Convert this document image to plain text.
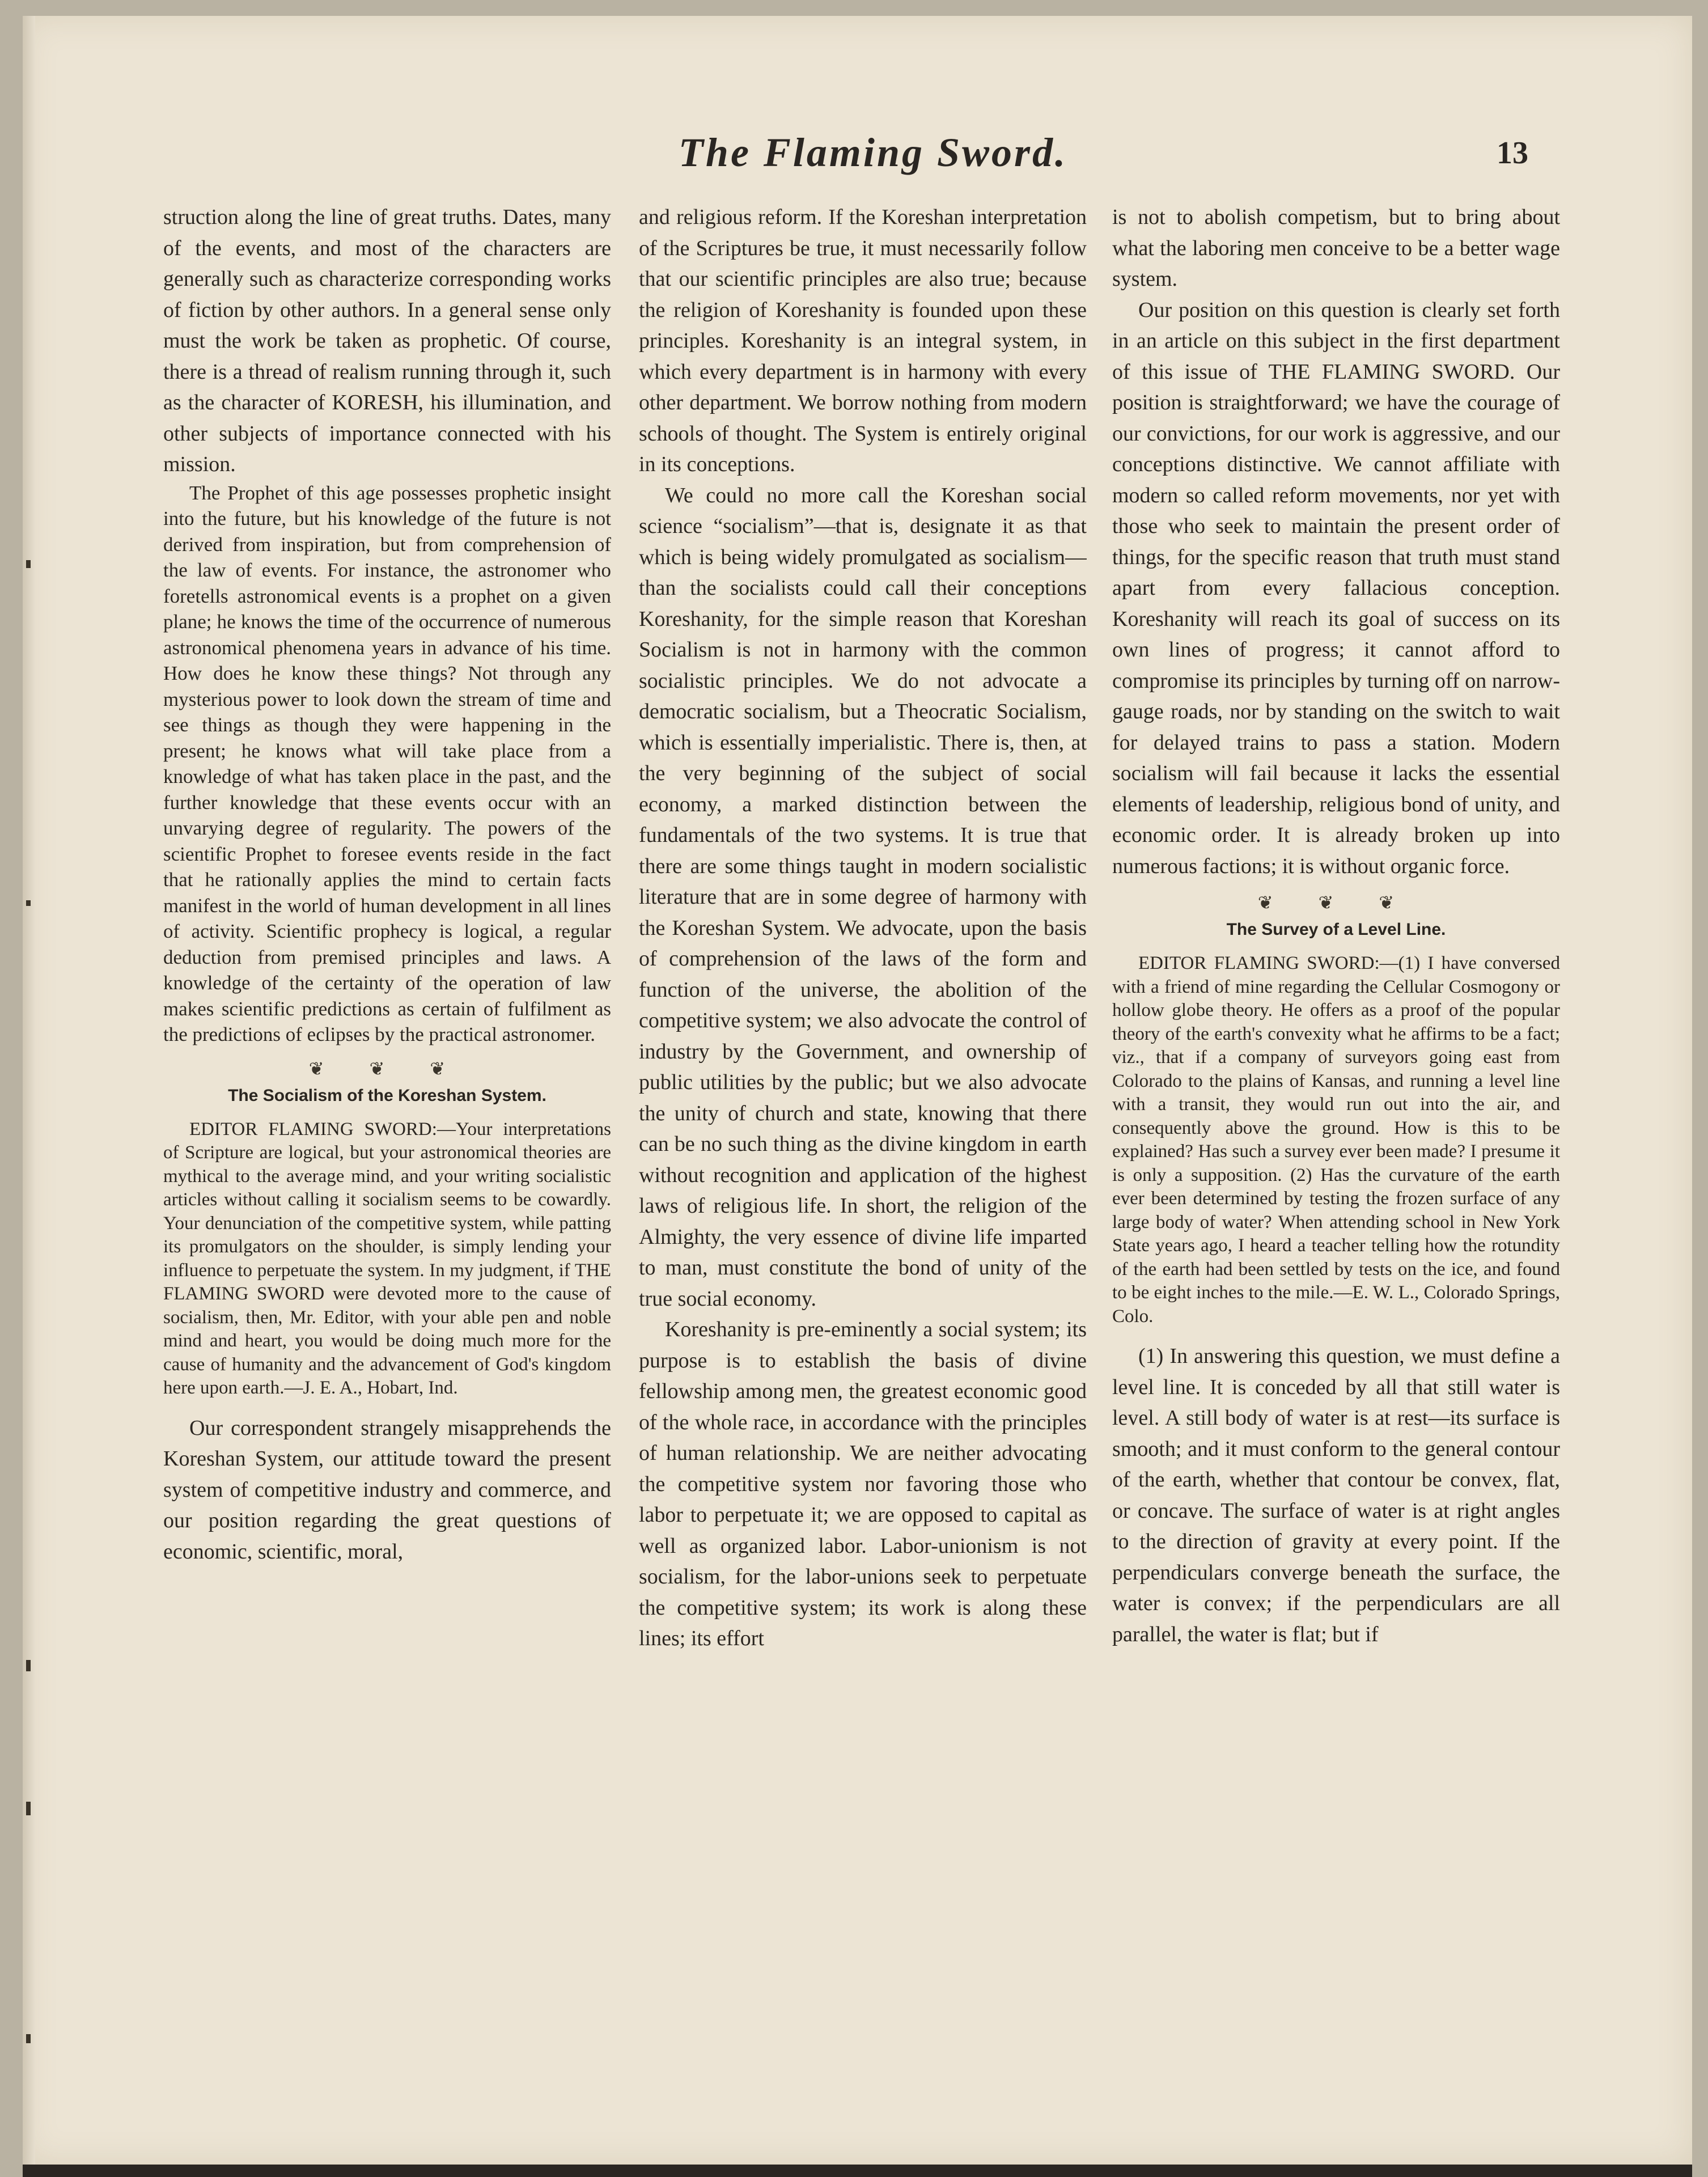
The Flaming Sword.	13

struction along the line of great truths. Dates, many of the events, and most of the characters are generally such as characterize corresponding works of fiction by other authors. In a general sense only must the work be taken as prophetic. Of course, there is a thread of realism running through it, such as the character of KORESH, his illumination, and other subjects of importance connected with his mission.

The Prophet of this age possesses prophetic insight into the future, but his knowledge of the future is not derived from inspiration, but from comprehension of the law of events. For instance, the astronomer who foretells astronomical events is a prophet on a given plane; he knows the time of the occurrence of numerous astronomical phenomena years in advance of his time. How does he know these things? Not through any mysterious power to look down the stream of time and see things as though they were happening in the present; he knows what will take place from a knowledge of what has taken place in the past, and the further knowledge that these events occur with an unvarying degree of regularity. The powers of the scientific Prophet to foresee events reside in the fact that he rationally applies the mind to certain facts manifest in the world of human development in all lines of activity. Scientific prophecy is logical, a regular deduction from premised principles and laws. A knowledge of the certainty of the operation of law makes scientific predictions as certain of fulfilment as the predictions of eclipses by the practical astronomer.

❦ ❦ ❦
The Socialism of the Koreshan System.

EDITOR FLAMING SWORD:—Your interpretations of Scripture are logical, but your astronomical theories are mythical to the average mind, and your writing socialistic articles without calling it socialism seems to be cowardly. Your denunciation of the competitive system, while patting its promulgators on the shoulder, is simply lending your influence to perpetuate the system. In my judgment, if THE FLAMING SWORD were devoted more to the cause of socialism, then, Mr. Editor, with your able pen and noble mind and heart, you would be doing much more for the cause of humanity and the advancement of God's kingdom here upon earth.—J. E. A., Hobart, Ind.

Our correspondent strangely misapprehends the Koreshan System, our attitude toward the present system of competitive industry and commerce, and our position regarding the great questions of economic, scientific, moral,

and religious reform. If the Koreshan interpretation of the Scriptures be true, it must necessarily follow that our scientific principles are also true; because the religion of Koreshanity is founded upon these principles. Koreshanity is an integral system, in which every department is in harmony with every other department. We borrow nothing from modern schools of thought. The System is entirely original in its conceptions.

We could no more call the Koreshan social science “socialism”—that is, designate it as that which is being widely promulgated as socialism—than the socialists could call their conceptions Koreshanity, for the simple reason that Koreshan Socialism is not in harmony with the common socialistic principles. We do not advocate a democratic socialism, but a Theocratic Socialism, which is essentially imperialistic. There is, then, at the very beginning of the subject of social economy, a marked distinction between the fundamentals of the two systems. It is true that there are some things taught in modern socialistic literature that are in some degree of harmony with the Koreshan System. We advocate, upon the basis of comprehension of the laws of the form and function of the universe, the abolition of the competitive system; we also advocate the control of industry by the Government, and ownership of public utilities by the public; but we also advocate the unity of church and state, knowing that there can be no such thing as the divine kingdom in earth without recognition and application of the highest laws of religious life. In short, the religion of the Almighty, the very essence of divine life imparted to man, must constitute the bond of unity of the true social economy.

Koreshanity is pre-eminently a social system; its purpose is to establish the basis of divine fellowship among men, the greatest economic good of the whole race, in accordance with the principles of human relationship. We are neither advocating the competitive system nor favoring those who labor to perpetuate it; we are opposed to capital as well as organized labor. Labor-unionism is not socialism, for the labor-unions seek to perpetuate the competitive system; its work is along these lines; its effort

is not to abolish competism, but to bring about what the laboring men conceive to be a better wage system.

Our position on this question is clearly set forth in an article on this subject in the first department of this issue of THE FLAMING SWORD. Our position is straightforward; we have the courage of our convictions, for our work is aggressive, and our conceptions distinctive. We cannot affiliate with modern so called reform movements, nor yet with those who seek to maintain the present order of things, for the specific reason that truth must stand apart from every fallacious conception. Koreshanity will reach its goal of success on its own lines of progress; it cannot afford to compromise its principles by turning off on narrow-gauge roads, nor by standing on the switch to wait for delayed trains to pass a station. Modern socialism will fail because it lacks the essential elements of leadership, religious bond of unity, and economic order. It is already broken up into numerous factions; it is without organic force.

❦ ❦ ❦
The Survey of a Level Line.

EDITOR FLAMING SWORD:—(1) I have conversed with a friend of mine regarding the Cellular Cosmogony or hollow globe theory. He offers as a proof of the popular theory of the earth's convexity what he affirms to be a fact; viz., that if a company of surveyors going east from Colorado to the plains of Kansas, and running a level line with a transit, they would run out into the air, and consequently above the ground. How is this to be explained? Has such a survey ever been made? I presume it is only a supposition. (2) Has the curvature of the earth ever been determined by testing the frozen surface of any large body of water? When attending school in New York State years ago, I heard a teacher telling how the rotundity of the earth had been settled by tests on the ice, and found to be eight inches to the mile.—E. W. L., Colorado Springs, Colo.

(1) In answering this question, we must define a level line. It is conceded by all that still water is level. A still body of water is at rest—its surface is smooth; and it must conform to the general contour of the earth, whether that contour be convex, flat, or concave. The surface of water is at right angles to the direction of gravity at every point. If the perpendiculars converge beneath the surface, the water is convex; if the perpendiculars are all parallel, the water is flat; but if
